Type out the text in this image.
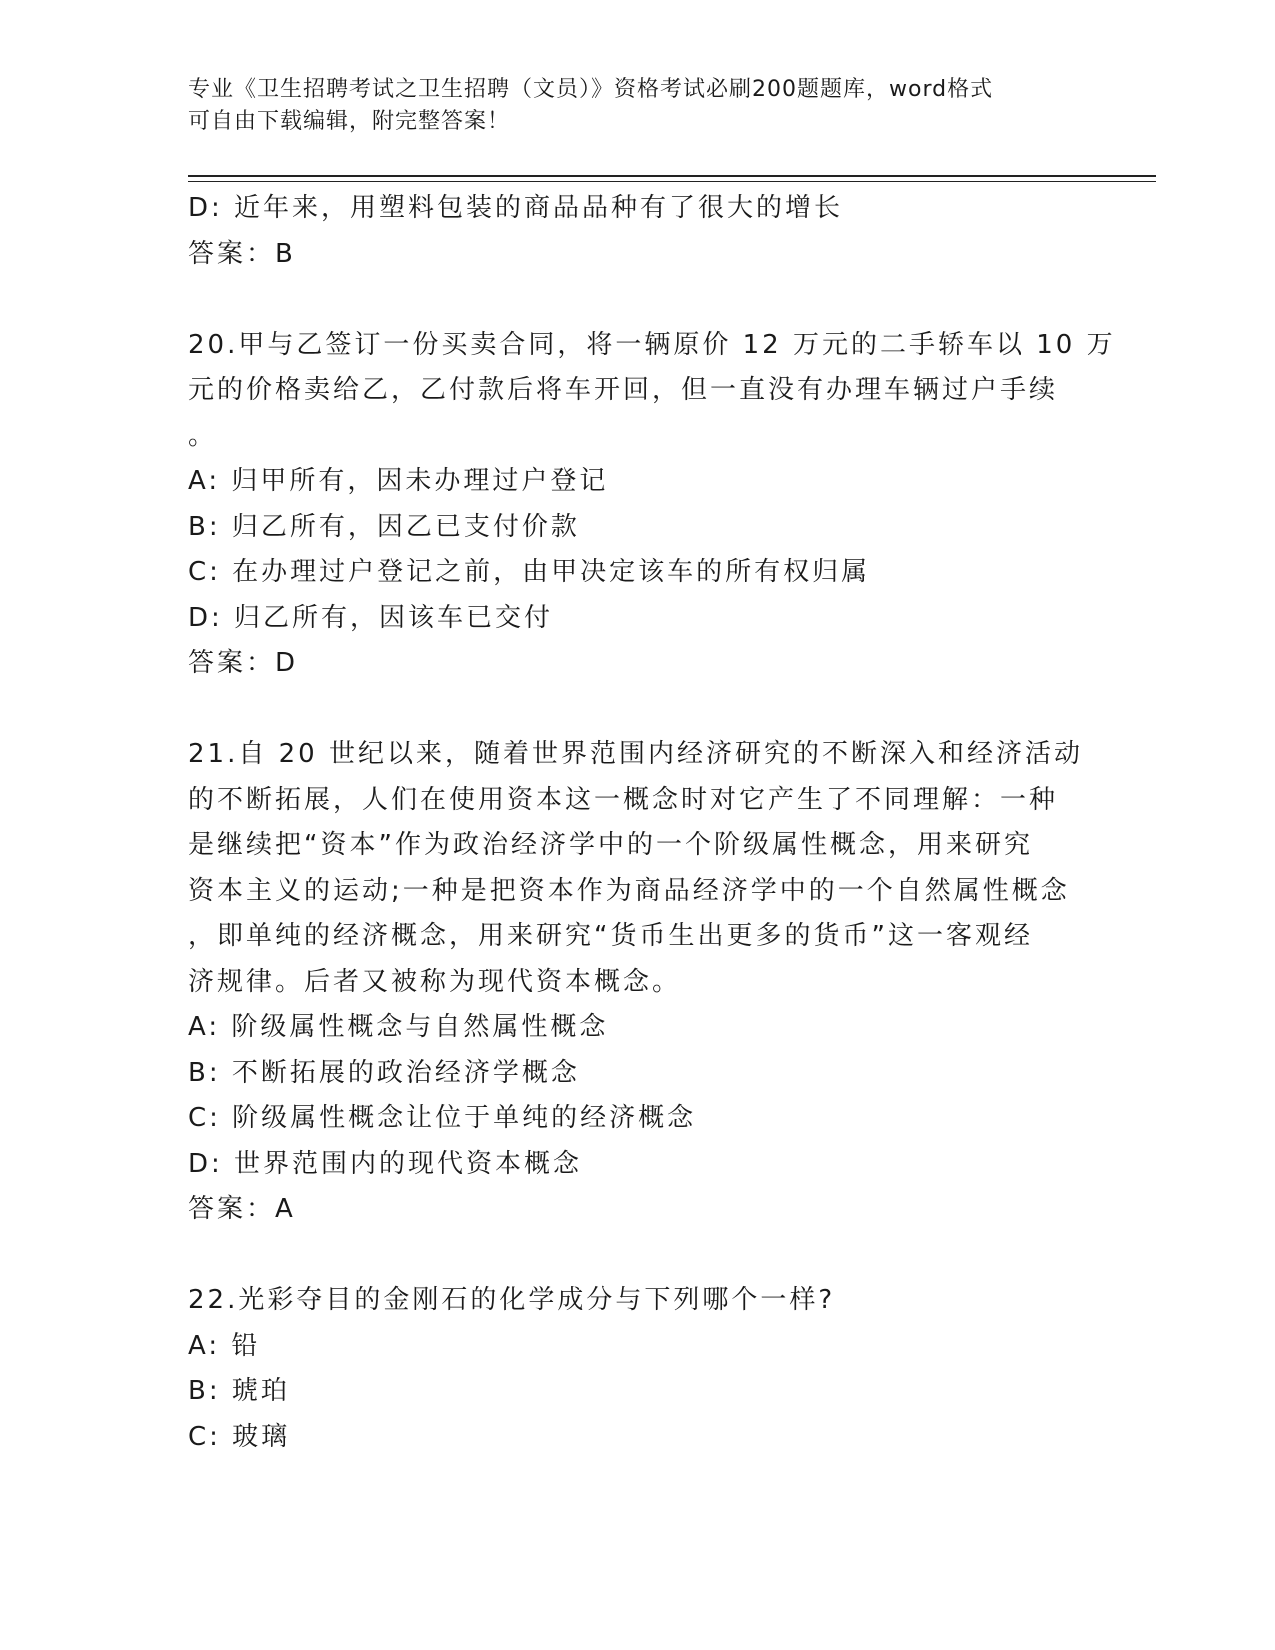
专业《卫生招聘考试之卫生招聘（文员）》资格考试必刷200题题库，word格式
可自由下载编辑，附完整答案！
D: 近年来，用塑料包装的商品品种有了很大的增长
答案：B
20.甲与乙签订一份买卖合同，将一辆原价 12 万元的二手轿车以 10 万
元的价格卖给乙，乙付款后将车开回，但一直没有办理车辆过户手续
。
A: 归甲所有，因未办理过户登记
B: 归乙所有，因乙已支付价款
C: 在办理过户登记之前，由甲决定该车的所有权归属
D: 归乙所有，因该车已交付
答案：D
21.自 20 世纪以来，随着世界范围内经济研究的不断深入和经济活动
的不断拓展，人们在使用资本这一概念时对它产生了不同理解：一种
是继续把“资本”作为政治经济学中的一个阶级属性概念，用来研究
资本主义的运动;一种是把资本作为商品经济学中的一个自然属性概念
，即单纯的经济概念，用来研究“货币生出更多的货币”这一客观经
济规律。后者又被称为现代资本概念。
A: 阶级属性概念与自然属性概念
B: 不断拓展的政治经济学概念
C: 阶级属性概念让位于单纯的经济概念
D: 世界范围内的现代资本概念
答案：A
22.光彩夺目的金刚石的化学成分与下列哪个一样?
A: 铅
B: 琥珀
C: 玻璃
